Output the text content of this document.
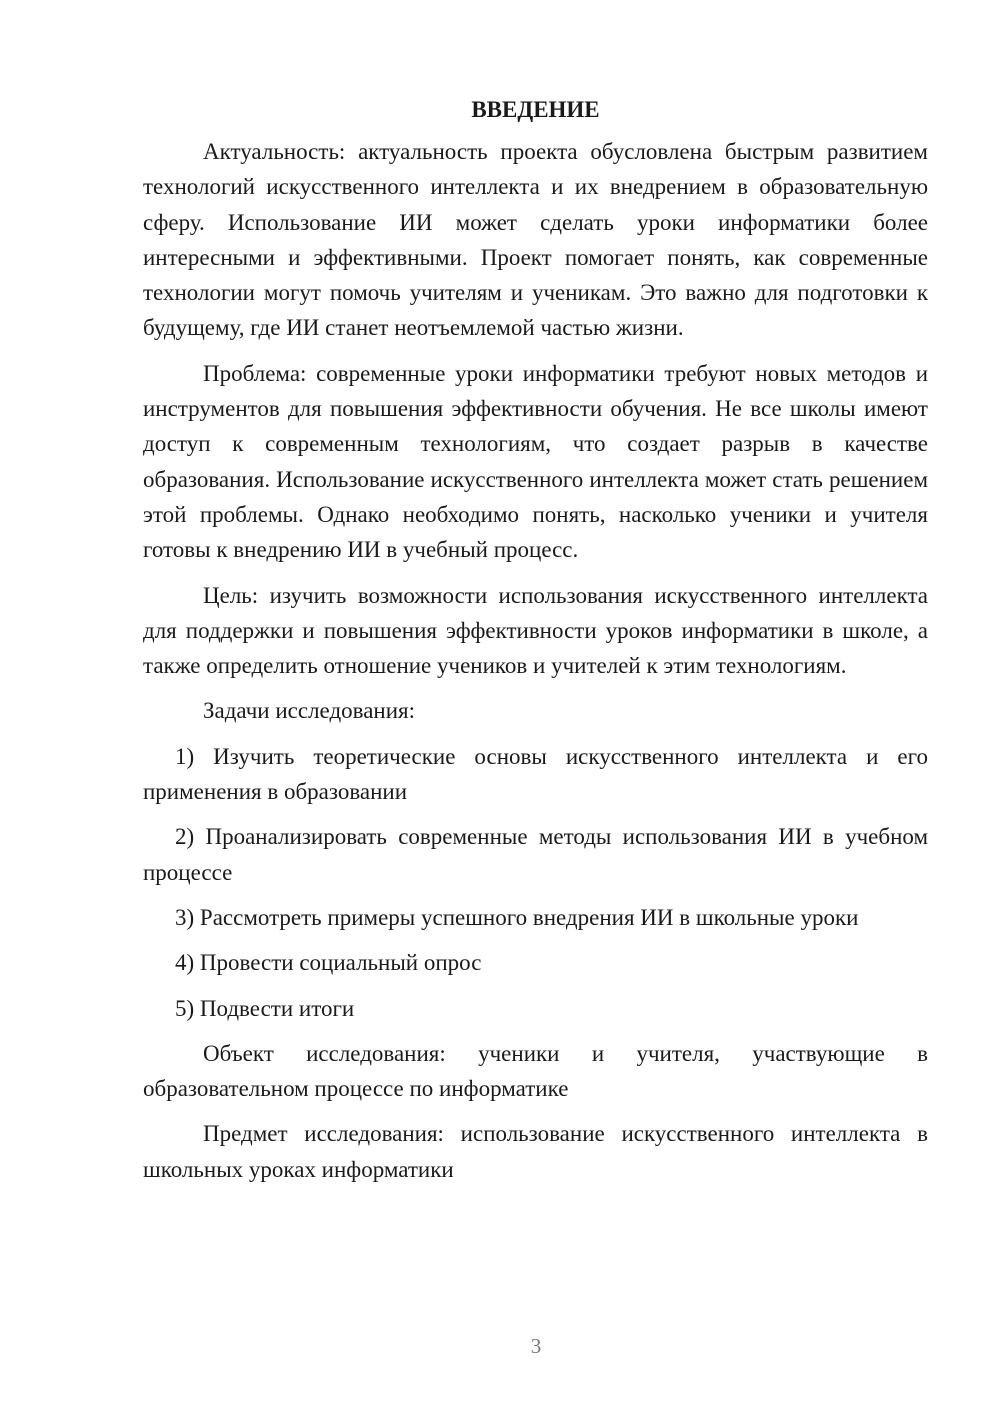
ВВЕДЕНИЕ

Актуальность: актуальность проекта обусловлена быстрым развитием технологий искусственного интеллекта и их внедрением в образовательную сферу. Использование ИИ может сделать уроки информатики более интересными и эффективными. Проект помогает понять, как современные технологии могут помочь учителям и ученикам. Это важно для подготовки к будущему, где ИИ станет неотъемлемой частью жизни.

Проблема: современные уроки информатики требуют новых методов и инструментов для повышения эффективности обучения. Не все школы имеют доступ к современным технологиям, что создает разрыв в качестве образования. Использование искусственного интеллекта может стать решением этой проблемы. Однако необходимо понять, насколько ученики и учителя готовы к внедрению ИИ в учебный процесс.

Цель: изучить возможности использования искусственного интеллекта для поддержки и повышения эффективности уроков информатики в школе, а также определить отношение учеников и учителей к этим технологиям.

Задачи исследования:

1) Изучить теоретические основы искусственного интеллекта и его применения в образовании

2) Проанализировать современные методы использования ИИ в учебном процессе

3) Рассмотреть примеры успешного внедрения ИИ в школьные уроки

4) Провести социальный опрос

5) Подвести итоги

Объект исследования: ученики и учителя, участвующие в образовательном процессе по информатике

Предмет исследования: использование искусственного интеллекта в школьных уроках информатики

3
